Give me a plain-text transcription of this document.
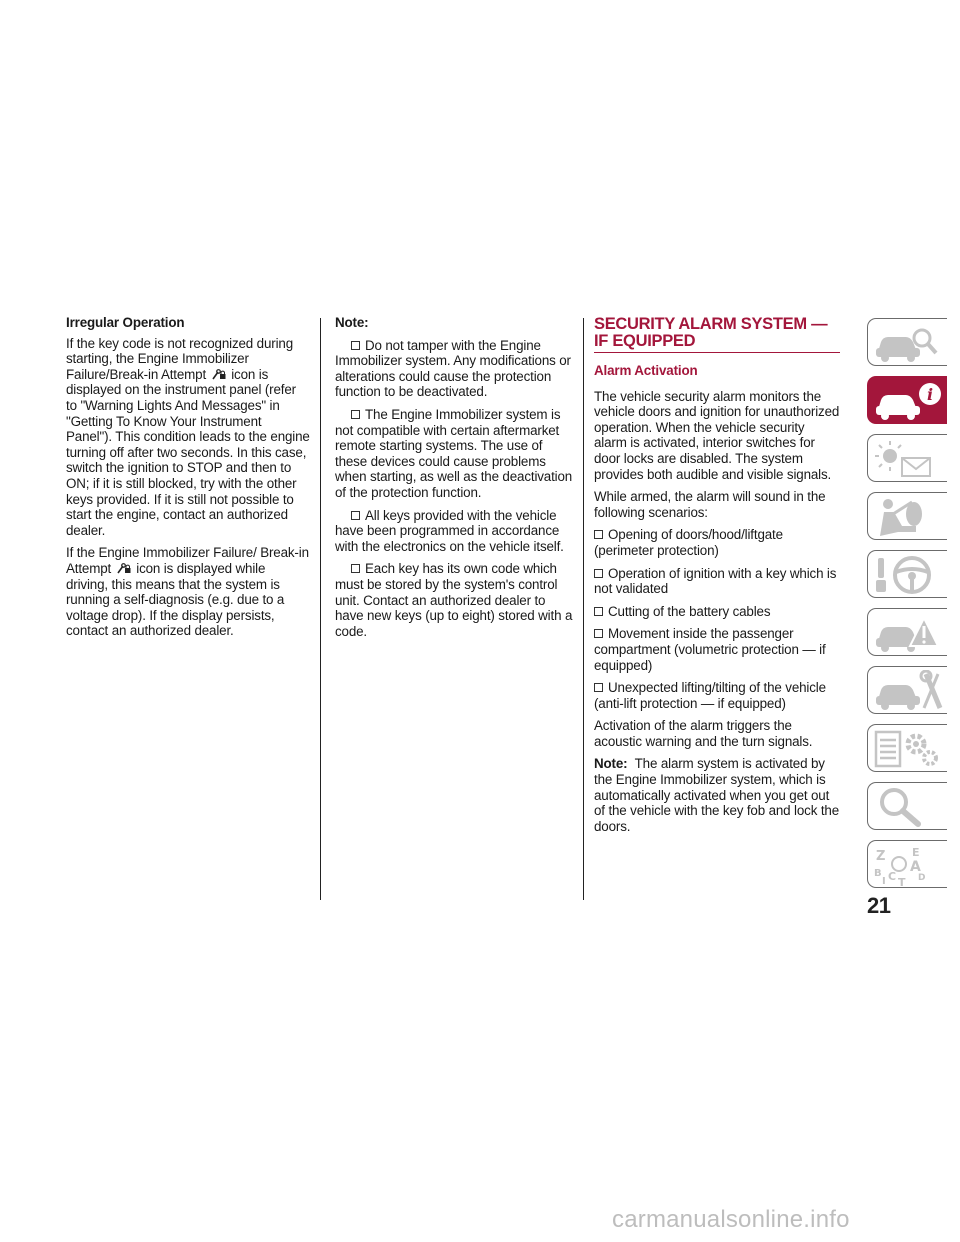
Irregular Operation

If the key code is not recognized during starting, the Engine Immobilizer Failure/Break-in Attempt icon is displayed on the instrument panel (refer to "Warning Lights And Messages" in "Getting To Know Your Instrument Panel"). This condition leads to the engine turning off after two seconds. In this case, switch the ignition to STOP and then to ON; if it is still blocked, try with the other keys provided. If it is still not possible to start the engine, contact an authorized dealer.

If the Engine Immobilizer Failure/ Break-in Attempt icon is displayed while driving, this means that the system is running a self-diagnosis (e.g. due to a voltage drop). If the display persists, contact an authorized dealer.

Note:

Do not tamper with the Engine Immobilizer system. Any modifications or alterations could cause the protection function to be deactivated.

The Engine Immobilizer system is not compatible with certain aftermarket remote starting systems. The use of these devices could cause problems when starting, as well as the deactivation of the protection function.

All keys provided with the vehicle have been programmed in accordance with the electronics on the vehicle itself.

Each key has its own code which must be stored by the system's control unit. Contact an authorized dealer to have new keys (up to eight) stored with a code.

SECURITY ALARM SYSTEM — IF EQUIPPED
Alarm Activation

The vehicle security alarm monitors the vehicle doors and ignition for unauthorized operation. When the vehicle security alarm is activated, interior switches for door locks are disabled. The system provides both audible and visible signals.

While armed, the alarm will sound in the following scenarios:

Opening of doors/hood/liftgate (perimeter protection)

Operation of ignition with a key which is not validated

Cutting of the battery cables

Movement inside the passenger compartment (volumetric protection — if equipped)

Unexpected lifting/tilting of the vehicle (anti-lift protection — if equipped)

Activation of the alarm triggers the acoustic warning and the turn signals.

Note: The alarm system is activated by the Engine Immobilizer system, which is automatically activated when you get out of the vehicle with the key fob and lock the doors.

i
Z E
A
B C D
T
I
21
carmanualsonline.info
